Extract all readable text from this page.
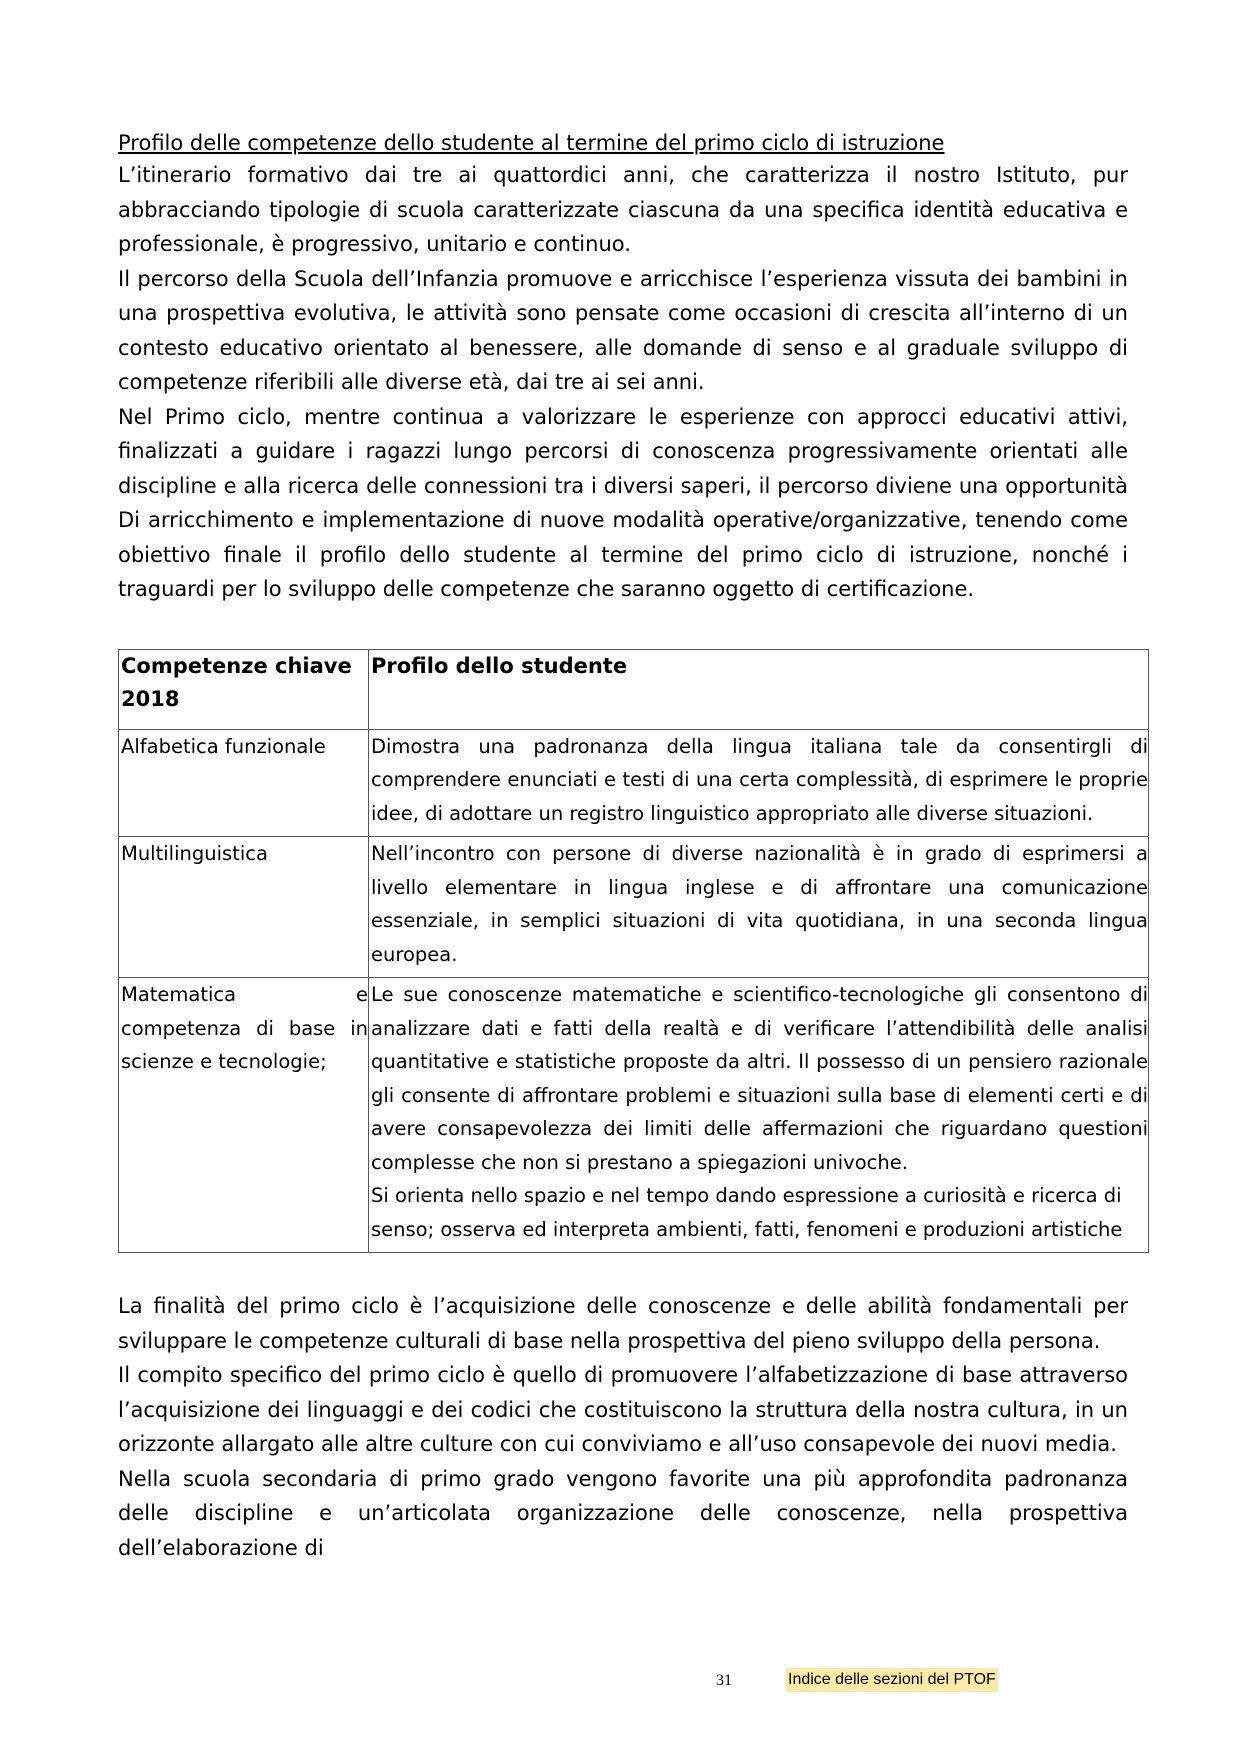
Profilo delle competenze dello studente al termine del primo ciclo di istruzione

L’itinerario formativo dai tre ai quattordici anni, che caratterizza il nostro Istituto, pur abbracciando tipologie di scuola caratterizzate ciascuna da una specifica identità educativa e professionale, è progressivo, unitario e continuo.

Il percorso della Scuola dell’Infanzia promuove e arricchisce l’esperienza vissuta dei bambini in una prospettiva evolutiva, le attività sono pensate come occasioni di crescita all’interno di un contesto educativo orientato al benessere, alle domande di senso e al graduale sviluppo di competenze riferibili alle diverse età, dai tre ai sei anni.

Nel Primo ciclo, mentre continua a valorizzare le esperienze con approcci educativi attivi, finalizzati a guidare i ragazzi lungo percorsi di conoscenza progressivamente orientati alle discipline e alla ricerca delle connessioni tra i diversi saperi, il percorso diviene una opportunità Di arricchimento e implementazione di nuove modalità operative/organizzative, tenendo come obiettivo finale il profilo dello studente al termine del primo ciclo di istruzione, nonché i traguardi per lo sviluppo delle competenze che saranno oggetto di certificazione.

Competenze chiave 2018	Profilo dello studente
Alfabetica funzionale	Dimostra una padronanza della lingua italiana tale da consentirgli di comprendere enunciati e testi di una certa complessità, di esprimere le proprie idee, di adottare un registro linguistico appropriato alle diverse situazioni.

Multilinguistica	Nell’incontro con persone di diverse nazionalità è in grado di esprimersi a livello elementare in lingua inglese e di affrontare una comunicazione essenziale, in semplici situazioni di vita quotidiana, in una seconda lingua europea.

Matematica e competenza di base in scienze e tecnologie;	Le sue conoscenze matematiche e scientifico-tecnologiche gli consentono di analizzare dati e fatti della realtà e di verificare l’attendibilità delle analisi quantitative e statistiche proposte da altri. Il possesso di un pensiero razionale gli consente di affrontare problemi e situazioni sulla base di elementi certi e di avere consapevolezza dei limiti delle affermazioni che riguardano questioni complesse che non si prestano a spiegazioni univoche.

Si orienta nello spazio e nel tempo dando espressione a curiosità e ricerca di senso; osserva ed interpreta ambienti, fatti, fenomeni e produzioni artistiche

La finalità del primo ciclo è l’acquisizione delle conoscenze e delle abilità fondamentali per sviluppare le competenze culturali di base nella prospettiva del pieno sviluppo della persona.

Il compito specifico del primo ciclo è quello di promuovere l’alfabetizzazione di base attraverso l’acquisizione dei linguaggi e dei codici che costituiscono la struttura della nostra cultura, in un orizzonte allargato alle altre culture con cui conviviamo e all’uso consapevole dei nuovi media.

Nella scuola secondaria di primo grado vengono favorite una più approfondita padronanza delle discipline e un’articolata organizzazione delle conoscenze, nella prospettiva dell’elaborazione di

31	Indice delle sezioni del PTOF
